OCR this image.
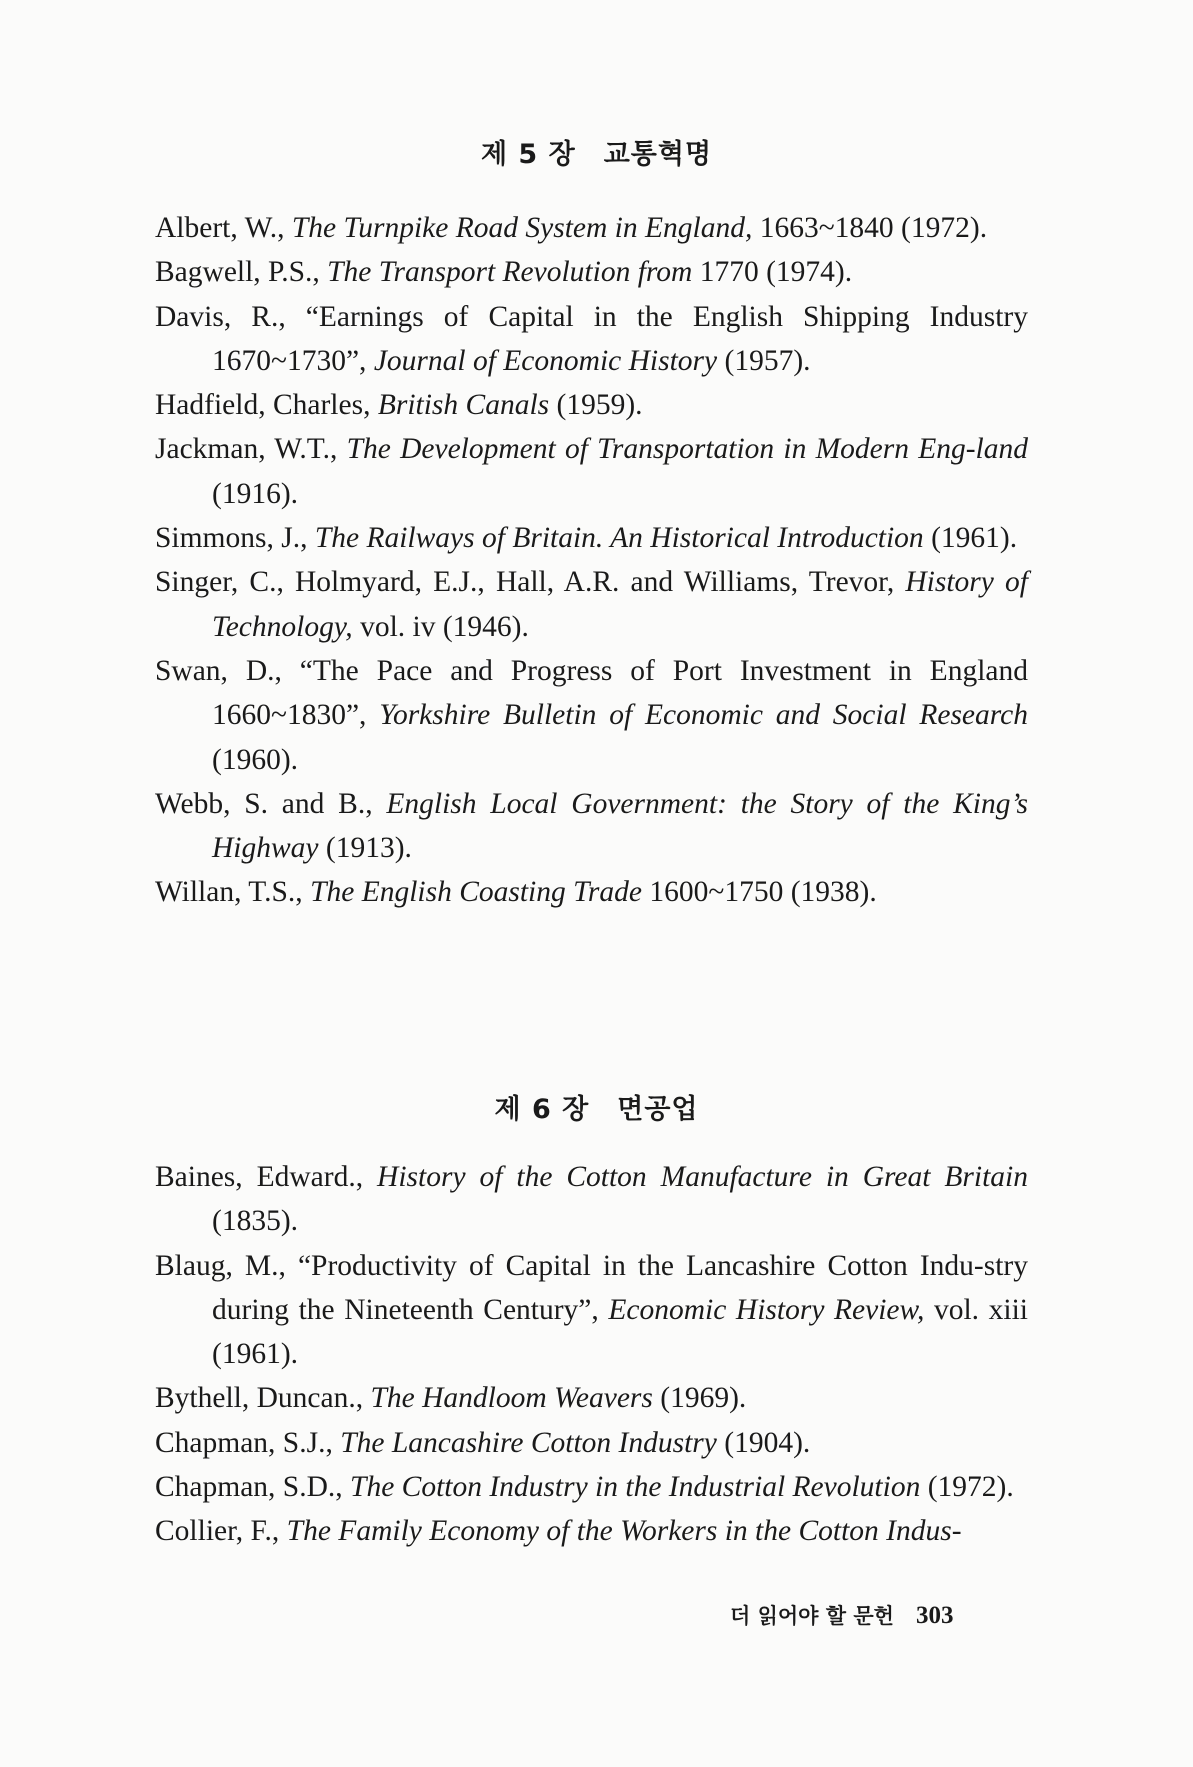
제 5 장 교통혁명

Albert, W., The Turnpike Road System in England, 1663~1840 (1972).

Bagwell, P.S., The Transport Revolution from 1770 (1974).

Davis, R., “Earnings of Capital in the English Shipping Industry 1670~1730”, Journal of Economic History (1957).

Hadfield, Charles, British Canals (1959).

Jackman, W.T., The Development of Transportation in Modern Eng-land (1916).

Simmons, J., The Railways of Britain. An Historical Introduction (1961).

Singer, C., Holmyard, E.J., Hall, A.R. and Williams, Trevor, History of Technology, vol. iv (1946).

Swan, D., “The Pace and Progress of Port Investment in England 1660~1830”, Yorkshire Bulletin of Economic and Social Research (1960).

Webb, S. and B., English Local Government: the Story of the King’s Highway (1913).

Willan, T.S., The English Coasting Trade 1600~1750 (1938).

제 6 장 면공업

Baines, Edward., History of the Cotton Manufacture in Great Britain (1835).

Blaug, M., “Productivity of Capital in the Lancashire Cotton Indu-stry during the Nineteenth Century”, Economic History Review, vol. xiii (1961).

Bythell, Duncan., The Handloom Weavers (1969).

Chapman, S.J., The Lancashire Cotton Industry (1904).

Chapman, S.D., The Cotton Industry in the Industrial Revolution (1972).

Collier, F., The Family Economy of the Workers in the Cotton Indus-

더 읽어야 할 문헌 303
